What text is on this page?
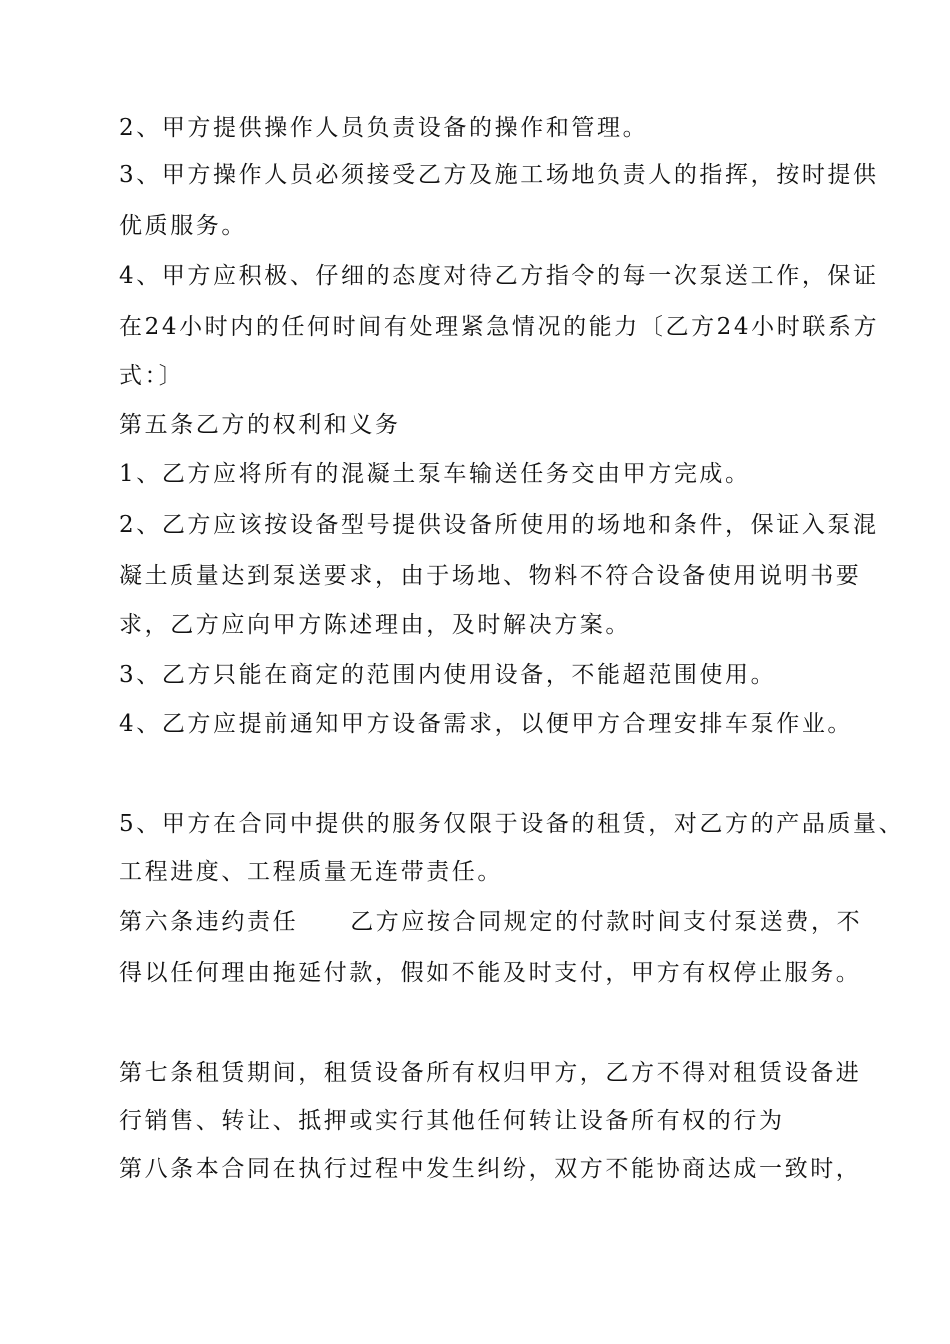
2、甲方提供操作人员负责设备的操作和管理。
3、甲方操作人员必须接受乙方及施工场地负责人的指挥，按时提供
优质服务。
4、甲方应积极、仔细的态度对待乙方指令的每一次泵送工作，保证
在24小时内的任何时间有处理紧急情况的能力〔乙方24小时联系方
式：〕
第五条乙方的权利和义务
1、乙方应将所有的混凝土泵车输送任务交由甲方完成。
2、乙方应该按设备型号提供设备所使用的场地和条件，保证入泵混
凝土质量达到泵送要求，由于场地、物料不符合设备使用说明书要
求，乙方应向甲方陈述理由，及时解决方案。
3、乙方只能在商定的范围内使用设备，不能超范围使用。
4、乙方应提前通知甲方设备需求，以便甲方合理安排车泵作业。
5、甲方在合同中提供的服务仅限于设备的租赁，对乙方的产品质量、
工程进度、工程质量无连带责任。
第六条违约责任 乙方应按合同规定的付款时间支付泵送费，不
得以任何理由拖延付款，假如不能及时支付，甲方有权停止服务。
第七条租赁期间，租赁设备所有权归甲方，乙方不得对租赁设备进
行销售、转让、抵押或实行其他任何转让设备所有权的行为
第八条本合同在执行过程中发生纠纷，双方不能协商达成一致时，
